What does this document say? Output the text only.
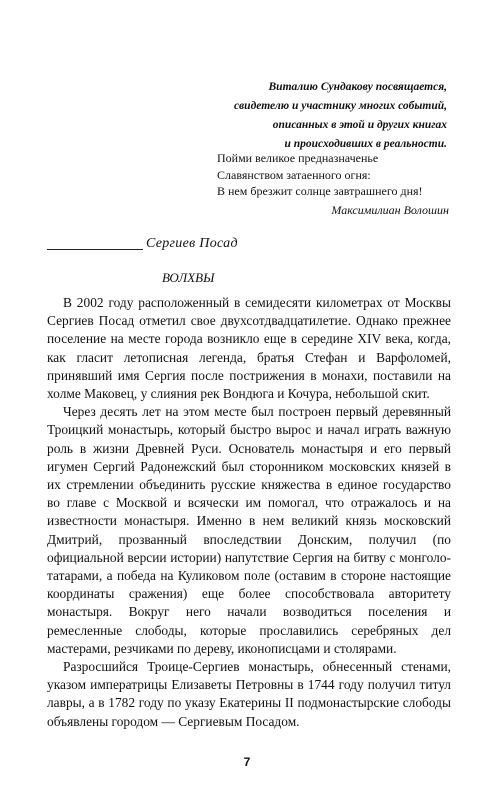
Виталию Сундакову посвящается,
свидетелю и участнику многих событий,
описанных в этой и других книгах
и происходивших в реальности.
Пойми великое предназначенье
Славянством затаенного огня:
В нем брезжит солнце завтрашнего дня!
Максимилиан Волошин
Сергиев Посад
ВОЛХВЫ

В 2002 году расположенный в семидесяти километрах от Москвы Сергиев Посад отметил свое двухсотдвадцатилетие. Однако прежнее поселение на месте города возникло еще в середине XIV века, когда, как гласит летописная легенда, братья Стефан и Варфоломей, принявший имя Сергия после пострижения в монахи, поставили на холме Маковец, у слияния рек Вондюга и Кочура, небольшой скит.

Через десять лет на этом месте был построен первый деревянный Троицкий монастырь, который быстро вырос и начал играть важную роль в жизни Древней Руси. Основатель монастыря и его первый игумен Сергий Радонежский был сторонником московских князей в их стремлении объединить русские княжества в единое государство во главе с Москвой и всячески им помогал, что отражалось и на известности монастыря. Именно в нем великий князь московский Дмитрий, прозванный впоследствии Донским, получил (по официальной версии истории) напутствие Сергия на битву с монголо-татарами, а победа на Куликовом поле (оставим в стороне настоящие координаты сражения) еще более способствовала авторитету монастыря. Вокруг него начали возводиться поселения и ремесленные слободы, которые прославились серебряных дел мастерами, резчиками по дереву, иконописцами и столярами.

Разросшийся Троице-Сергиев монастырь, обнесенный стенами, указом императрицы Елизаветы Петровны в 1744 году получил титул лавры, а в 1782 году по указу Екатерины II подмонастырские слободы объявлены городом — Сергиевым Посадом.

7
